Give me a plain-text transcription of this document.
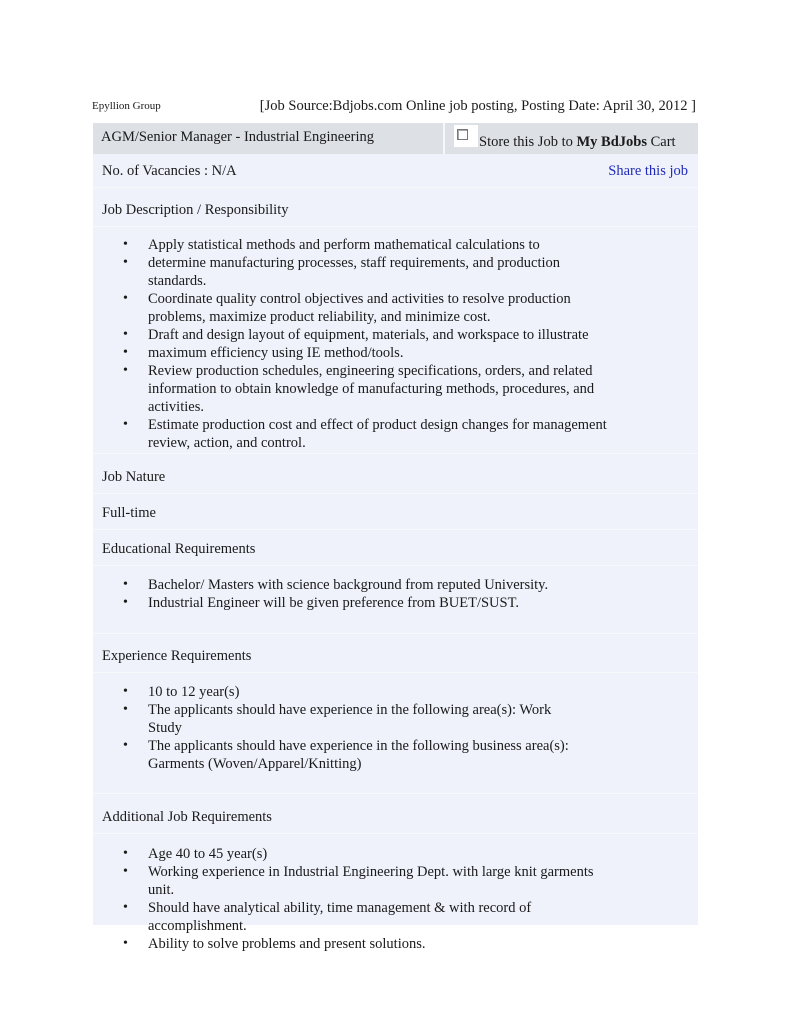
Epyllion Group	[Job Source:Bdjobs.com Online job posting, Posting Date: April 30, 2012 ]
AGM/Senior Manager - Industrial Engineering	Store this Job to My BdJobs Cart
No. of Vacancies : N/A	Share this job
Job Description / Responsibility
• Apply statistical methods and perform mathematical calculations to
• determine manufacturing processes, staff requirements, and production standards.
• Coordinate quality control objectives and activities to resolve production problems, maximize product reliability, and minimize cost.
• Draft and design layout of equipment, materials, and workspace to illustrate
• maximum efficiency using IE method/tools.
• Review production schedules, engineering specifications, orders, and related information to obtain knowledge of manufacturing methods, procedures, and activities.
• Estimate production cost and effect of product design changes for management review, action, and control.
Job Nature
Full-time
Educational Requirements
• Bachelor/ Masters with science background from reputed University.
• Industrial Engineer will be given preference from BUET/SUST.
Experience Requirements
• 10 to 12 year(s)
• The applicants should have experience in the following area(s): Work Study
• The applicants should have experience in the following business area(s): Garments (Woven/Apparel/Knitting)
Additional Job Requirements
• Age 40 to 45 year(s)
• Working experience in Industrial Engineering Dept. with large knit garments unit.
• Should have analytical ability, time management & with record of accomplishment.
• Ability to solve problems and present solutions.
